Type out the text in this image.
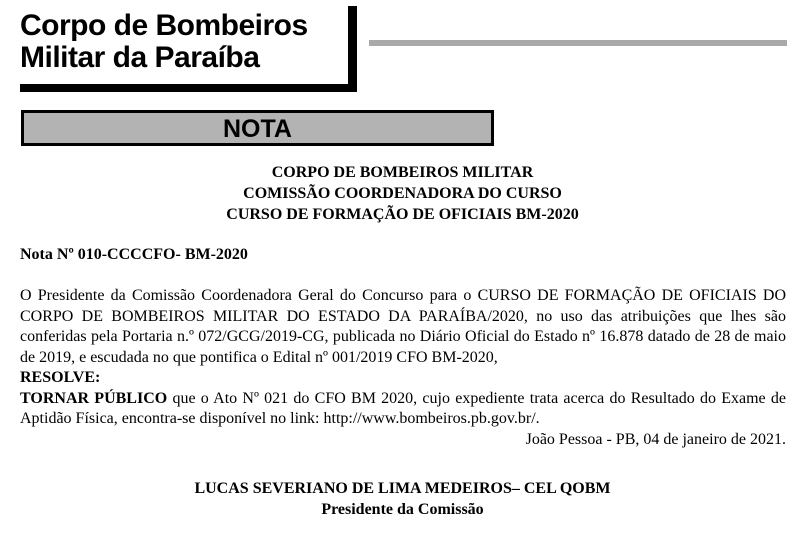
Corpo de Bombeiros
Militar da Paraíba
NOTA
CORPO DE BOMBEIROS MILITAR
COMISSÃO COORDENADORA DO CURSO
CURSO DE FORMAÇÃO DE OFICIAIS BM-2020
Nota Nº 010-CCCCFO- BM-2020

O Presidente da Comissão Coordenadora Geral do Concurso para o CURSO DE FORMAÇÃO DE OFICIAIS DO CORPO DE BOMBEIROS MILITAR DO ESTADO DA PARAÍBA/2020, no uso das atribuições que lhes são conferidas pela Portaria n.º 072/GCG/2019-CG, publicada no Diário Oficial do Estado nº 16.878 datado de 28 de maio de 2019, e escudada no que pontifica o Edital nº 001/2019 CFO BM-2020,

RESOLVE:

TORNAR PÚBLICO que o Ato Nº 021 do CFO BM 2020, cujo expediente trata acerca do Resultado do Exame de Aptidão Física, encontra-se disponível no link: http://www.bombeiros.pb.gov.br/.

João Pessoa - PB, 04 de janeiro de 2021.

LUCAS SEVERIANO DE LIMA MEDEIROS– CEL QOBM
Presidente da Comissão
